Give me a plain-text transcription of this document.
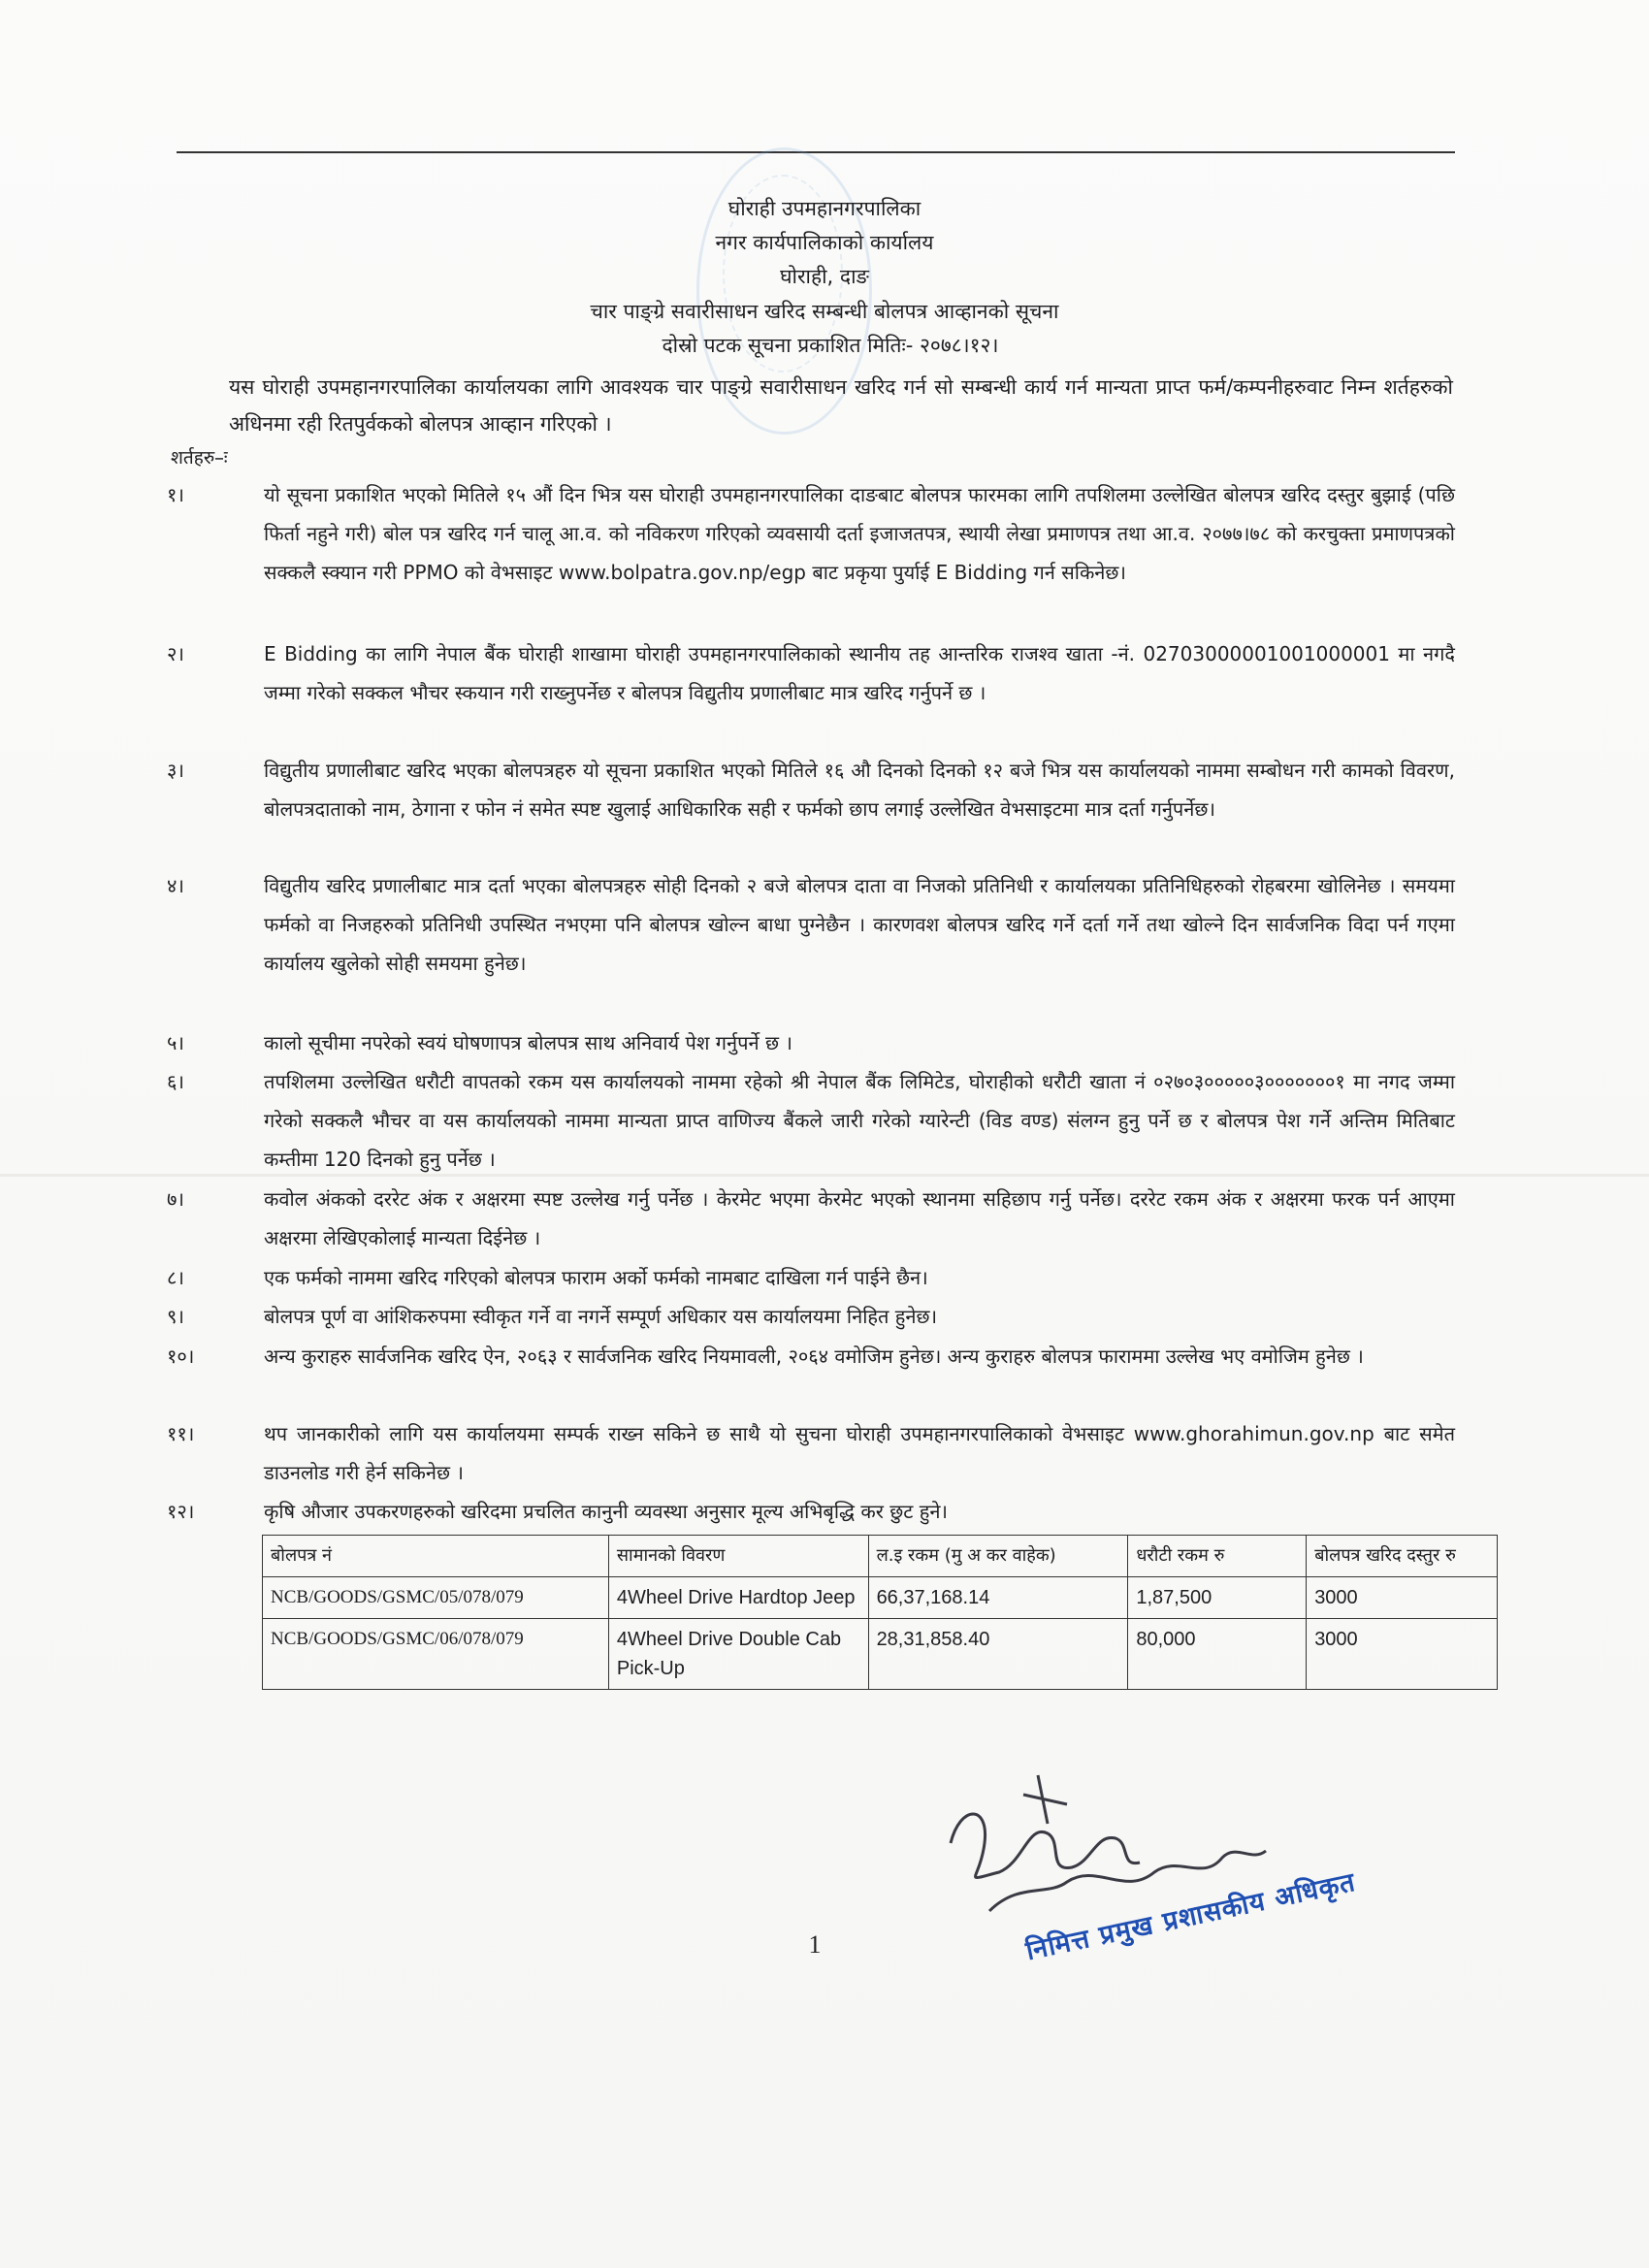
घोराही उपमहानगरपालिका
नगर कार्यपालिकाको कार्यालय
घोराही, दाङ
चार पाङ्ग्रे सवारीसाधन खरिद सम्बन्धी बोलपत्र आव्हानको सूचना
दोस्रो पटक सूचना प्रकाशित मितिः- २०७८।१२।
यस घोराही उपमहानगरपालिका कार्यालयका लागि आवश्यक चार पाङ्ग्रे सवारीसाधन खरिद गर्न सो सम्बन्धी कार्य गर्न मान्यता प्राप्त फर्म/कम्पनीहरुवाट निम्न शर्तहरुको अधिनमा रही रितपुर्वकको बोलपत्र आव्हान गरिएको ।
शर्तहरु–ः
१।	यो सूचना प्रकाशित भएको मितिले १५ औं दिन भित्र यस घोराही उपमहानगरपालिका दाङबाट बोलपत्र फारमका लागि तपशिलमा उल्लेखित बोलपत्र खरिद दस्तुर बुझाई (पछि फिर्ता नहुने गरी) बोल पत्र खरिद गर्न चालू आ.व. को नविकरण गरिएको व्यवसायी दर्ता इजाजतपत्र, स्थायी लेखा प्रमाणपत्र तथा आ.व. २०७७।७८ को करचुक्ता प्रमाणपत्रको सक्कलै स्क्यान गरी PPMO को वेभसाइट www.bolpatra.gov.np/egp बाट प्रकृया पुर्याई E Bidding गर्न सकिनेछ।
२।	E Bidding का लागि नेपाल बैंक घोराही शाखामा घोराही उपमहानगरपालिकाको स्थानीय तह आन्तरिक राजश्व खाता -नं. 02703000001001000001 मा नगदै जम्मा गरेको सक्कल भौचर स्कयान गरी राख्नुपर्नेछ र बोलपत्र विद्युतीय प्रणालीबाट मात्र खरिद गर्नुपर्ने छ ।
३।	विद्युतीय प्रणालीबाट खरिद भएका बोलपत्रहरु यो सूचना प्रकाशित भएको मितिले १६ औ दिनको दिनको १२ बजे भित्र यस कार्यालयको नाममा सम्बोधन गरी कामको विवरण, बोलपत्रदाताको नाम, ठेगाना र फोन नं समेत स्पष्ट खुलाई आधिकारिक सही र फर्मको छाप लगाई उल्लेखित वेभसाइटमा मात्र दर्ता गर्नुपर्नेछ।
४।	विद्युतीय खरिद प्रणालीबाट मात्र दर्ता भएका बोलपत्रहरु सोही दिनको २ बजे बोलपत्र दाता वा निजको प्रतिनिधी र कार्यालयका प्रतिनिधिहरुको रोहबरमा खोलिनेछ । समयमा फर्मको वा निजहरुको प्रतिनिधी उपस्थित नभएमा पनि बोलपत्र खोल्न बाधा पुग्नेछैन । कारणवश बोलपत्र खरिद गर्ने दर्ता गर्ने तथा खोल्ने दिन सार्वजनिक विदा पर्न गएमा कार्यालय खुलेको सोही समयमा हुनेछ।
५।	कालो सूचीमा नपरेको स्वयं घोषणापत्र बोलपत्र साथ अनिवार्य पेश गर्नुपर्ने छ ।
६।	तपशिलमा उल्लेखित धरौटी वापतको रकम यस कार्यालयको नाममा रहेको श्री नेपाल बैंक लिमिटेड, घोराहीको धरौटी खाता नं ०२७०३०००००३०००००००१ मा नगद जम्मा गरेको सक्कलै भौचर वा यस कार्यालयको नाममा मान्यता प्राप्त वाणिज्य बैंकले जारी गरेको ग्यारेन्टी (विड वण्ड) संलग्न हुनु पर्ने छ र बोलपत्र पेश गर्ने अन्तिम मितिबाट कम्तीमा 120 दिनको हुनु पर्नेछ ।
७।	कवोल अंकको दररेट अंक र अक्षरमा स्पष्ट उल्लेख गर्नु पर्नेछ । केरमेट भएमा केरमेट भएको स्थानमा सहिछाप गर्नु पर्नेछ। दररेट रकम अंक र अक्षरमा फरक पर्न आएमा अक्षरमा लेखिएकोलाई मान्यता दिईनेछ ।
८।	एक फर्मको नाममा खरिद गरिएको बोलपत्र फाराम अर्को फर्मको नामबाट दाखिला गर्न पाईने छैन।
९।	बोलपत्र पूर्ण वा आंशिकरुपमा स्वीकृत गर्ने वा नगर्ने सम्पूर्ण अधिकार यस कार्यालयमा निहित हुनेछ।
१०।	अन्य कुराहरु सार्वजनिक खरिद ऐन, २०६३ र सार्वजनिक खरिद नियमावली, २०६४ वमोजिम हुनेछ। अन्य कुराहरु बोलपत्र फाराममा उल्लेख भए वमोजिम हुनेछ ।
११।	थप जानकारीको लागि यस कार्यालयमा सम्पर्क राख्न सकिने छ साथै यो सुचना घोराही उपमहानगरपालिकाको वेभसाइट www.ghorahimun.gov.np बाट समेत डाउनलोड गरी हेर्न सकिनेछ ।
१२।	कृषि औजार उपकरणहरुको खरिदमा प्रचलित कानुनी व्यवस्था अनुसार मूल्य अभिबृद्धि कर छुट हुने।
बोलपत्र नं	सामानको विवरण	ल.इ रकम (मु अ कर वाहेक)	धरौटी रकम रु	बोलपत्र खरिद दस्तुर रु
NCB/GOODS/GSMC/05/078/079	4Wheel Drive Hardtop Jeep	66,37,168.14	1,87,500	3000
NCB/GOODS/GSMC/06/078/079	4Wheel Drive Double Cab Pick-Up	28,31,858.40	80,000	3000
1	निमित्त प्रमुख प्रशासकीय अधिकृत
